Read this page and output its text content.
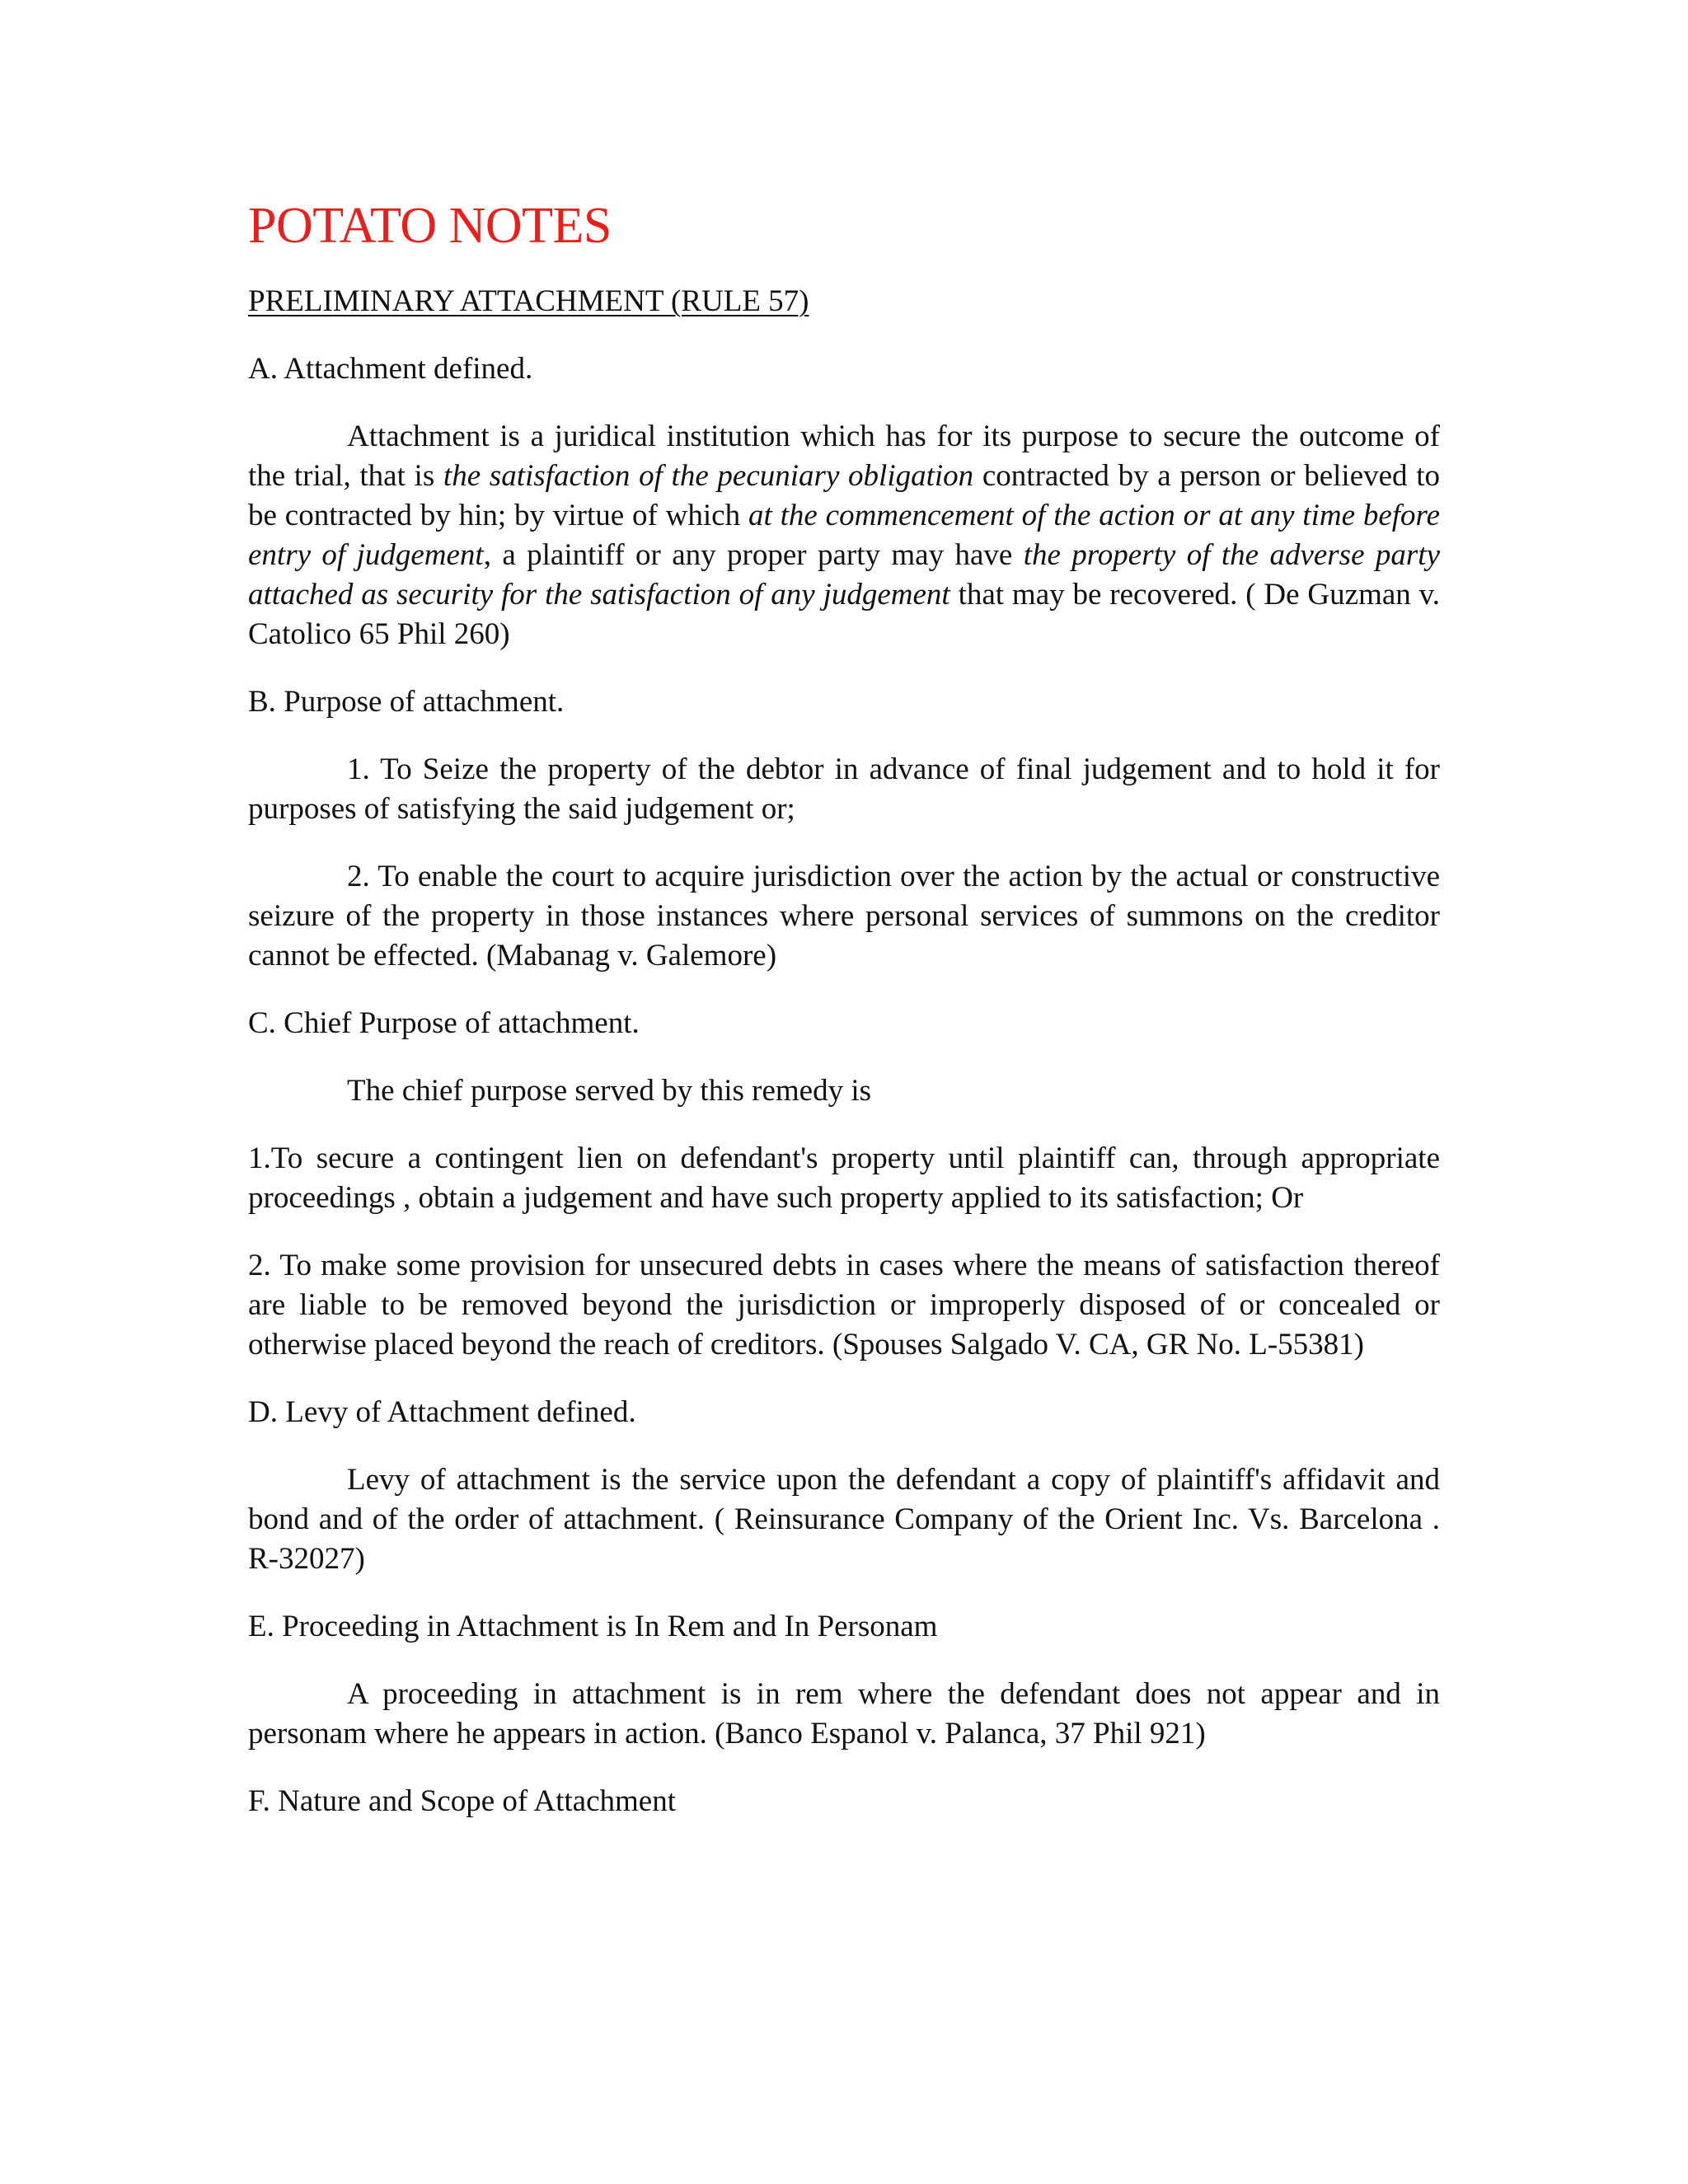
POTATO NOTES
PRELIMINARY ATTACHMENT (RULE 57)

A. Attachment defined.

Attachment is a juridical institution which has for its purpose to secure the outcome of the trial, that is the satisfaction of the pecuniary obligation contracted by a person or believed to be contracted by hin; by virtue of which at the commencement of the action or at any time before entry of judgement, a plaintiff or any proper party may have the property of the adverse party attached as security for the satisfaction of any judgement that may be recovered. ( De Guzman v. Catolico 65 Phil 260)

B. Purpose of attachment.

1. To Seize the property of the debtor in advance of final judgement and to hold it for purposes of satisfying the said judgement or;

2. To enable the court to acquire jurisdiction over the action by the actual or constructive seizure of the property in those instances where personal services of summons on the creditor cannot be effected. (Mabanag v. Galemore)

C. Chief Purpose of attachment.

The chief purpose served by this remedy is

1.To secure a contingent lien on defendant's property until plaintiff can, through appropriate proceedings , obtain a judgement and have such property applied to its satisfaction; Or

2. To make some provision for unsecured debts in cases where the means of satisfaction thereof are liable to be removed beyond the jurisdiction or improperly disposed of or concealed or otherwise placed beyond the reach of creditors. (Spouses Salgado V. CA, GR No. L-55381)

D. Levy of Attachment defined.

Levy of attachment is the service upon the defendant a copy of plaintiff's affidavit and bond and of the order of attachment. ( Reinsurance Company of the Orient Inc. Vs. Barcelona . R-32027)

E. Proceeding in Attachment is In Rem and In Personam

A proceeding in attachment is in rem where the defendant does not appear and in personam where he appears in action. (Banco Espanol v. Palanca, 37 Phil 921)

F. Nature and Scope of Attachment
